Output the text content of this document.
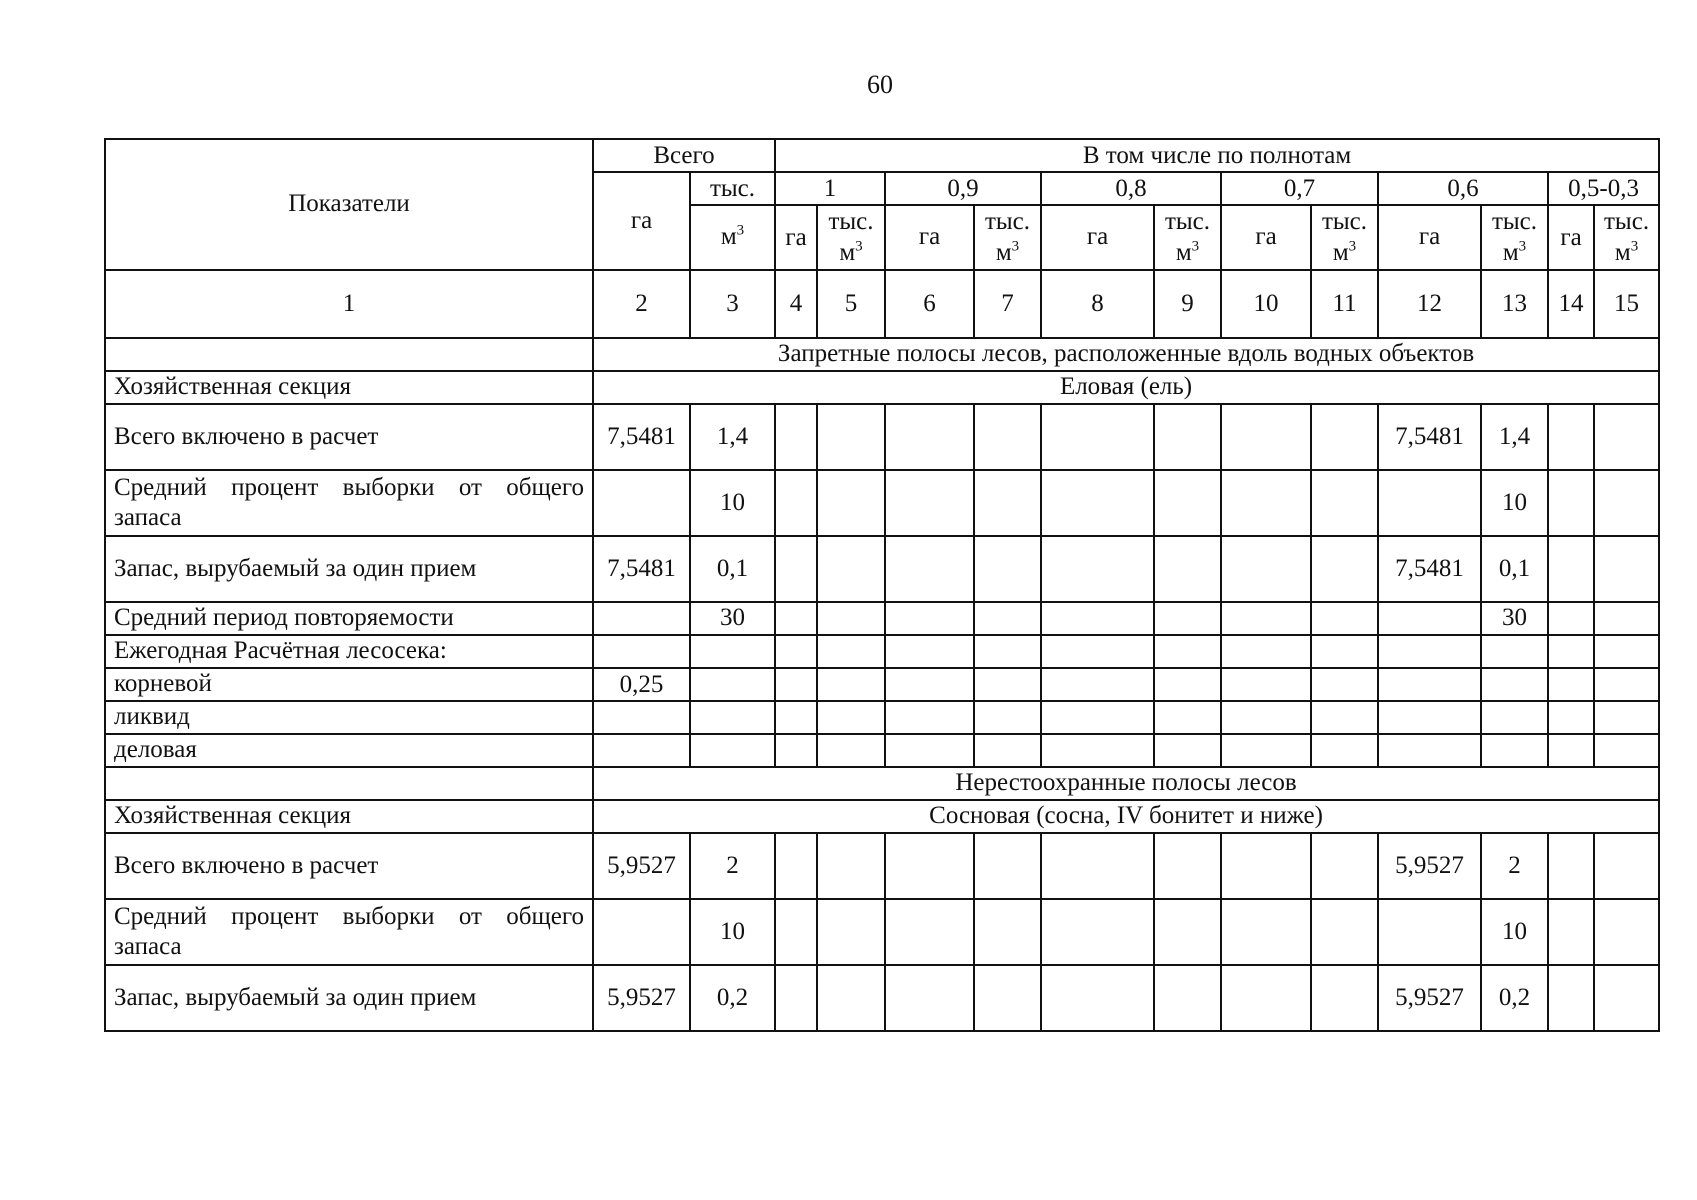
60
Показатели	Всего		В том числе по полнотам											
	га	тыс.	1		0,9		0,8		0,7		0,6		0,5-0,3	
		$м^3$	га	тыс. $м^3$	га	тыс. $м^3$	га	тыс. $м^3$	га	тыс. $м^3$	га	тыс. $м^3$	га	тыс. $м^3$
1	2	3	4	5	6	7	8	9	10	11	12	13	14	15
	Запретные полосы лесов, расположенные вдоль водных объектов													
Хозяйственная секция	Еловая (ель)													
Всего включено в расчет	7,5481	1,4									7,5481	1,4		
Средний процент выборки от общего запаса		10										10		
Запас, вырубаемый за один прием	7,5481	0,1									7,5481	0,1		
Средний период повторяемости		30										30		
Ежегодная Расчётная лесосека:														
корневой	0,25													
ликвид														
деловая														
	Нерестоохранные полосы лесов													
Хозяйственная секция	Сосновая (сосна, IV бонитет и ниже)													
Всего включено в расчет	5,9527	2									5,9527	2		
Средний процент выборки от общего запаса		10										10		
Запас, вырубаемый за один прием	5,9527	0,2									5,9527	0,2		
